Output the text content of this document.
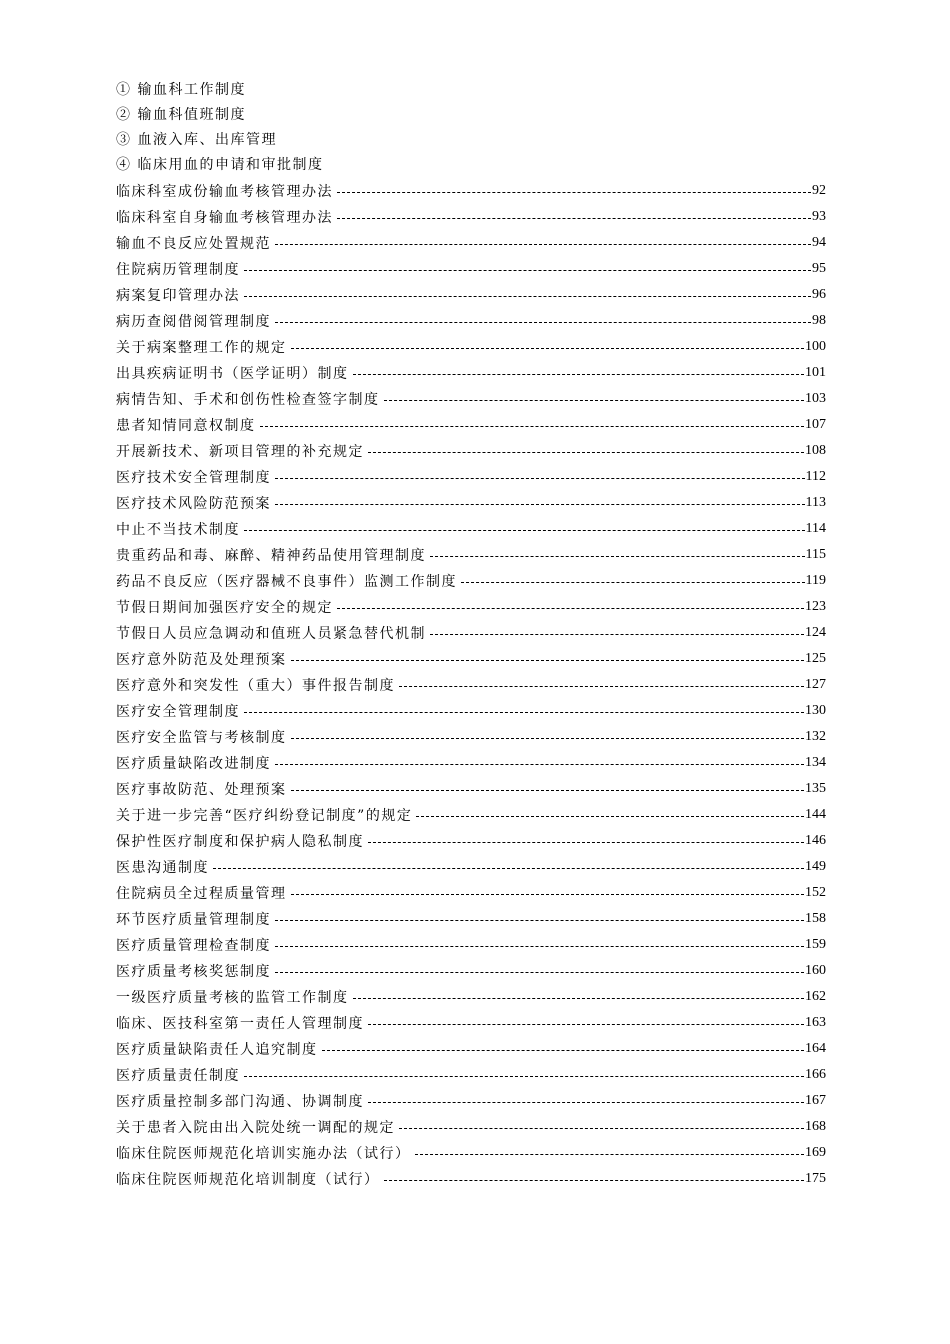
① 输血科工作制度
② 输血科值班制度
③ 血液入库、出库管理
④ 临床用血的申请和审批制度
临床科室成份输血考核管理办法	92
临床科室自身输血考核管理办法	93
输血不良反应处置规范	94
住院病历管理制度	95
病案复印管理办法	96
病历查阅借阅管理制度	98
关于病案整理工作的规定	100
出具疾病证明书（医学证明）制度	101
病情告知、手术和创伤性检查签字制度	103
患者知情同意权制度	107
开展新技术、新项目管理的补充规定	108
医疗技术安全管理制度	112
医疗技术风险防范预案	113
中止不当技术制度	114
贵重药品和毒、麻醉、精神药品使用管理制度	115
药品不良反应（医疗器械不良事件）监测工作制度	119
节假日期间加强医疗安全的规定	123
节假日人员应急调动和值班人员紧急替代机制	124
医疗意外防范及处理预案	125
医疗意外和突发性（重大）事件报告制度	127
医疗安全管理制度	130
医疗安全监管与考核制度	132
医疗质量缺陷改进制度	134
医疗事故防范、处理预案	135
关于进一步完善“医疗纠纷登记制度”的规定	144
保护性医疗制度和保护病人隐私制度	146
医患沟通制度	149
住院病员全过程质量管理	152
环节医疗质量管理制度	158
医疗质量管理检查制度	159
医疗质量考核奖惩制度	160
一级医疗质量考核的监管工作制度	162
临床、医技科室第一责任人管理制度	163
医疗质量缺陷责任人追究制度	164
医疗质量责任制度	166
医疗质量控制多部门沟通、协调制度	167
关于患者入院由出入院处统一调配的规定	168
临床住院医师规范化培训实施办法（试行）	169
临床住院医师规范化培训制度（试行）	175
